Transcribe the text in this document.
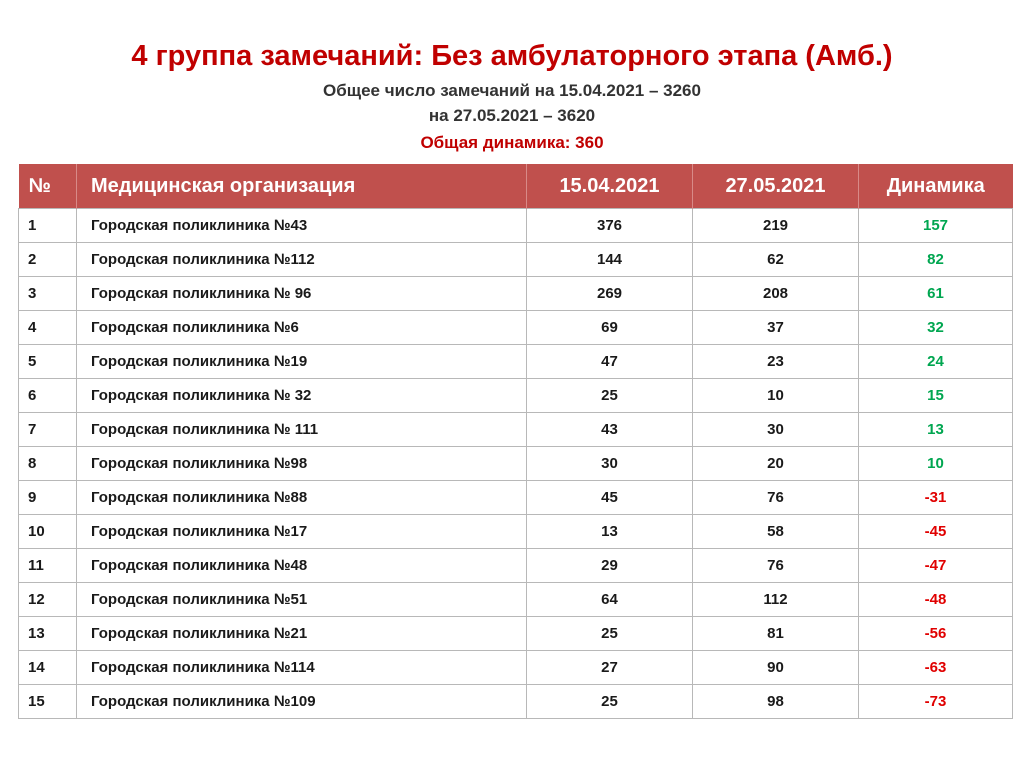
4 группа замечаний: Без амбулаторного этапа (Амб.)

Общее число замечаний на 15.04.2021 – 3260

на 27.05.2021 – 3620

Общая динамика: 360

№	Медицинская организация	15.04.2021	27.05.2021	Динамика
1	Городская поликлиника №43	376	219	157
2	Городская поликлиника №112	144	62	82
3	Городская поликлиника № 96	269	208	61
4	Городская поликлиника №6	69	37	32
5	Городская поликлиника №19	47	23	24
6	Городская поликлиника № 32	25	10	15
7	Городская поликлиника № 111	43	30	13
8	Городская поликлиника №98	30	20	10
9	Городская поликлиника №88	45	76	-31
10	Городская поликлиника №17	13	58	-45
11	Городская поликлиника №48	29	76	-47
12	Городская поликлиника №51	64	112	-48
13	Городская поликлиника №21	25	81	-56
14	Городская поликлиника №114	27	90	-63
15	Городская поликлиника №109	25	98	-73
